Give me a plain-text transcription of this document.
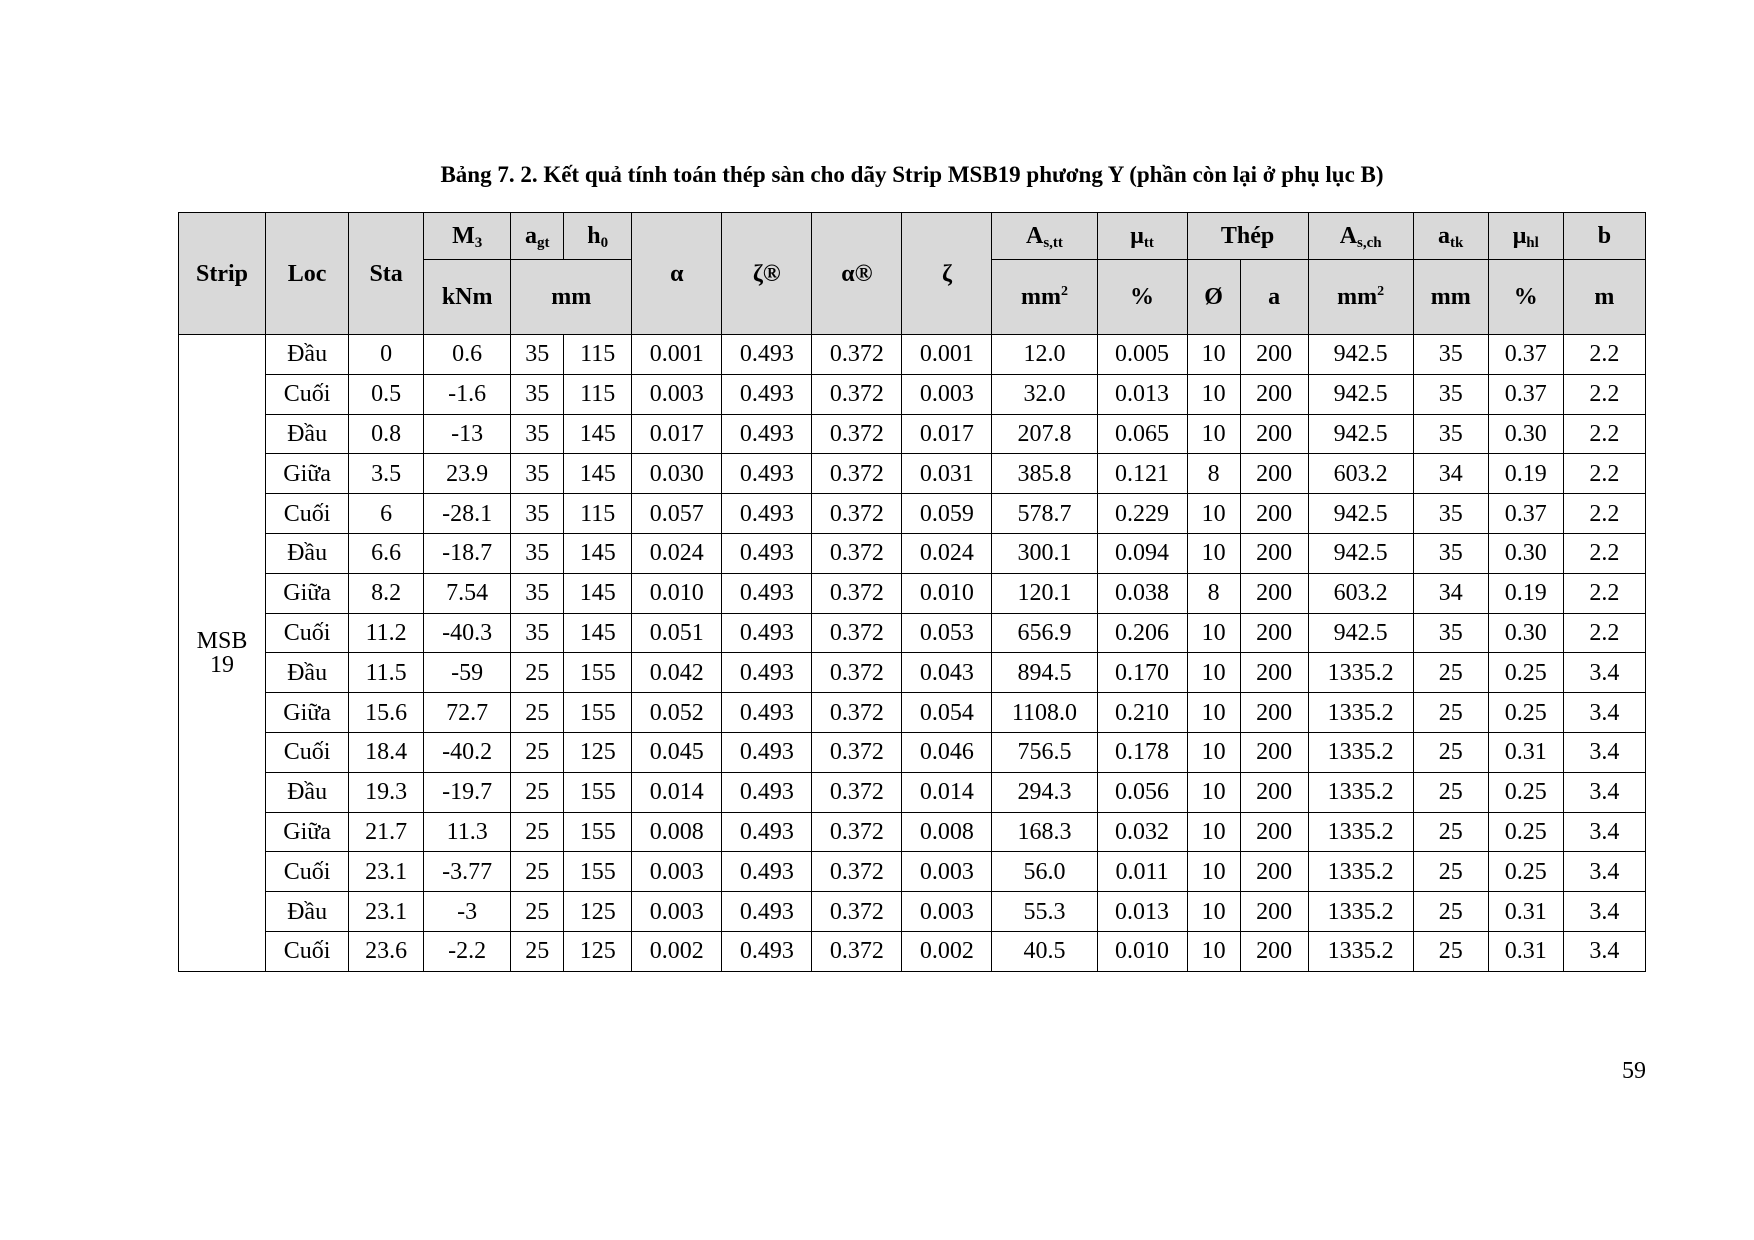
Bảng 7. 2. Kết quả tính toán thép sàn cho dãy Strip MSB19 phương Y (phần còn lại ở phụ lục B)
Strip	Loc	Sta	$M_3$	$a_{gt}$	$h_0$	α	ζ®	α®	ζ	$A_{s,tt}$	$\mu_{tt}$	Thép		$A_{s,ch}$	$a_{tk}$	$\mu_{hl}$	b
			kNm	mm						$mm^2$	%	Ø	a	$mm^2$	mm	%	m
MSB
19	Đầu	0	0.6	35	115	0.001	0.493	0.372	0.001	12.0	0.005	10	200	942.5	35	0.37	2.2
	Cuối	0.5	-1.6	35	115	0.003	0.493	0.372	0.003	32.0	0.013	10	200	942.5	35	0.37	2.2
	Đầu	0.8	-13	35	145	0.017	0.493	0.372	0.017	207.8	0.065	10	200	942.5	35	0.30	2.2
	Giữa	3.5	23.9	35	145	0.030	0.493	0.372	0.031	385.8	0.121	8	200	603.2	34	0.19	2.2
	Cuối	6	-28.1	35	115	0.057	0.493	0.372	0.059	578.7	0.229	10	200	942.5	35	0.37	2.2
	Đầu	6.6	-18.7	35	145	0.024	0.493	0.372	0.024	300.1	0.094	10	200	942.5	35	0.30	2.2
	Giữa	8.2	7.54	35	145	0.010	0.493	0.372	0.010	120.1	0.038	8	200	603.2	34	0.19	2.2
	Cuối	11.2	-40.3	35	145	0.051	0.493	0.372	0.053	656.9	0.206	10	200	942.5	35	0.30	2.2
	Đầu	11.5	-59	25	155	0.042	0.493	0.372	0.043	894.5	0.170	10	200	1335.2	25	0.25	3.4
	Giữa	15.6	72.7	25	155	0.052	0.493	0.372	0.054	1108.0	0.210	10	200	1335.2	25	0.25	3.4
	Cuối	18.4	-40.2	25	125	0.045	0.493	0.372	0.046	756.5	0.178	10	200	1335.2	25	0.31	3.4
	Đầu	19.3	-19.7	25	155	0.014	0.493	0.372	0.014	294.3	0.056	10	200	1335.2	25	0.25	3.4
	Giữa	21.7	11.3	25	155	0.008	0.493	0.372	0.008	168.3	0.032	10	200	1335.2	25	0.25	3.4
	Cuối	23.1	-3.77	25	155	0.003	0.493	0.372	0.003	56.0	0.011	10	200	1335.2	25	0.25	3.4
	Đầu	23.1	-3	25	125	0.003	0.493	0.372	0.003	55.3	0.013	10	200	1335.2	25	0.31	3.4
	Cuối	23.6	-2.2	25	125	0.002	0.493	0.372	0.002	40.5	0.010	10	200	1335.2	25	0.31	3.4
59
